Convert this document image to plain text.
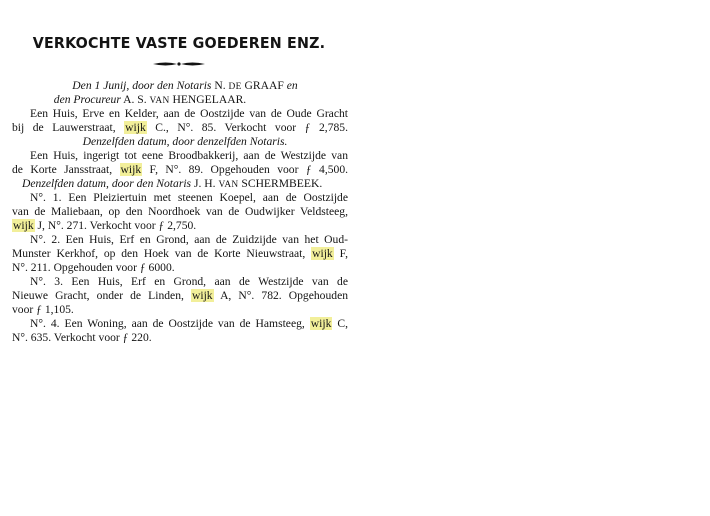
VERKOCHTE VASTE GOEDEREN ENZ.
Den 1 Junij, door den Notaris N. DE GRAAF en
den Procureur A. S. VAN HENGELAAR.
Een Huis, Erve en Kelder, aan de Oostzijde van de Oude Gracht
bij de Lauwerstraat, wijk C., N°. 85. Verkocht voor ƒ 2,785.
Denzelfden datum, door denzelfden Notaris.
Een Huis, ingerigt tot eene Broodbakkerij, aan de Westzijde van
de Korte Jansstraat, wijk F, N°. 89. Opgehouden voor ƒ 4,500.
Denzelfden datum, door den Notaris J. H. VAN SCHERMBEEK.
N°. 1. Een Pleiziertuin met steenen Koepel, aan de Oostzijde
van de Maliebaan, op den Noordhoek van de Oudwijker Veldsteeg,
wijk J, N°. 271. Verkocht voor ƒ 2,750.
N°. 2. Een Huis, Erf en Grond, aan de Zuidzijde van het Oud-
Munster Kerkhof, op den Hoek van de Korte Nieuwstraat, wijk F,
N°. 211. Opgehouden voor ƒ 6000.
N°. 3. Een Huis, Erf en Grond, aan de Westzijde van de
Nieuwe Gracht, onder de Linden, wijk A, N°. 782. Opgehouden
voor ƒ 1,105.
N°. 4. Een Woning, aan de Oostzijde van de Hamsteeg, wijk C,
N°. 635. Verkocht voor ƒ 220.
